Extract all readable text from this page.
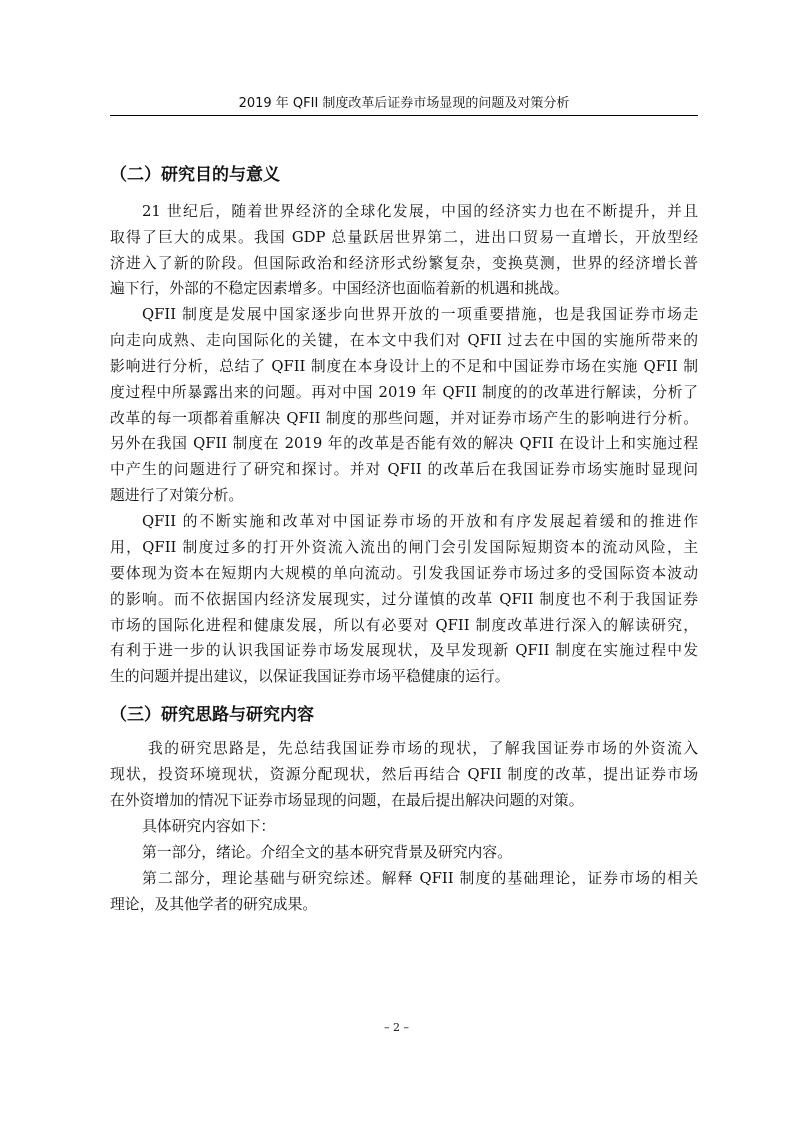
2019 年 QFII 制度改革后证券市场显现的问题及对策分析
（二）研究目的与意义
21 世纪后，随着世界经济的全球化发展，中国的经济实力也在不断提升，并且
取得了巨大的成果。我国 GDP 总量跃居世界第二，进出口贸易一直增长，开放型经
济进入了新的阶段。但国际政治和经济形式纷繁复杂，变换莫测，世界的经济增长普
遍下行，外部的不稳定因素增多。中国经济也面临着新的机遇和挑战。
QFII 制度是发展中国家逐步向世界开放的一项重要措施，也是我国证券市场走
向走向成熟、走向国际化的关键，在本文中我们对 QFII 过去在中国的实施所带来的
影响进行分析，总结了 QFII 制度在本身设计上的不足和中国证券市场在实施 QFII 制
度过程中所暴露出来的问题。再对中国 2019 年 QFII 制度的的改革进行解读，分析了
改革的每一项都着重解决 QFII 制度的那些问题，并对证券市场产生的影响进行分析。
另外在我国 QFII 制度在 2019 年的改革是否能有效的解决 QFII 在设计上和实施过程
中产生的问题进行了研究和探讨。并对 QFII 的改革后在我国证券市场实施时显现问
题进行了对策分析。
QFII 的不断实施和改革对中国证券市场的开放和有序发展起着缓和的推进作
用，QFII 制度过多的打开外资流入流出的闸门会引发国际短期资本的流动风险，主
要体现为资本在短期内大规模的单向流动。引发我国证券市场过多的受国际资本波动
的影响。而不依据国内经济发展现实，过分谨慎的改革 QFII 制度也不利于我国证券
市场的国际化进程和健康发展，所以有必要对 QFII 制度改革进行深入的解读研究，
有利于进一步的认识我国证券市场发展现状，及早发现新 QFII 制度在实施过程中发
生的问题并提出建议，以保证我国证券市场平稳健康的运行。
（三）研究思路与研究内容
我的研究思路是，先总结我国证券市场的现状，了解我国证券市场的外资流入
现状，投资环境现状，资源分配现状，然后再结合 QFII 制度的改革，提出证券市场
在外资增加的情况下证券市场显现的问题，在最后提出解决问题的对策。
具体研究内容如下：
第一部分，绪论。介绍全文的基本研究背景及研究内容。
第二部分，理论基础与研究综述。解释 QFII 制度的基础理论，证券市场的相关
理论，及其他学者的研究成果。
– 2 –
